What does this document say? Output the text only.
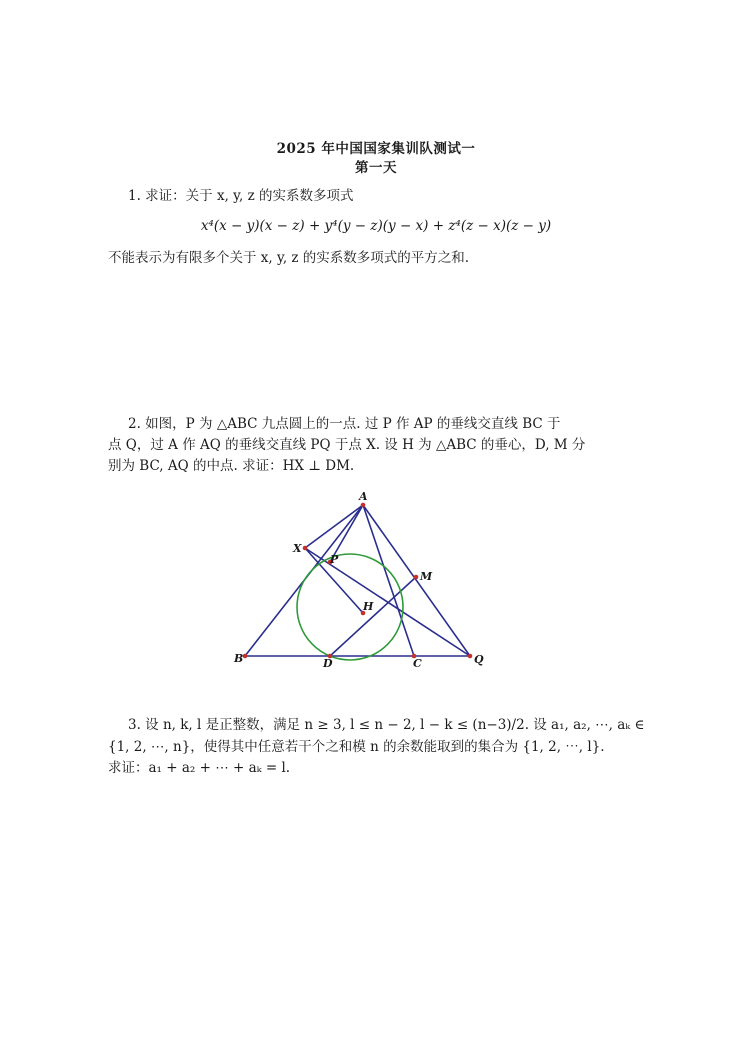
2025 年中国国家集训队测试一
第一天
1. 求证：关于 x, y, z 的实系数多项式
x⁴(x − y)(x − z) + y⁴(y − z)(y − x) + z⁴(z − x)(z − y)
不能表示为有限多个关于 x, y, z 的实系数多项式的平方之和.
2. 如图，P 为 △ABC 九点圆上的一点. 过 P 作 AP 的垂线交直线 BC 于
点 Q，过 A 作 AQ 的垂线交直线 PQ 于点 X. 设 H 为 △ABC 的垂心，D, M 分
别为 BC, AQ 的中点. 求证：HX ⊥ DM.
A
X
P
M
H
B	D	C	Q
3. 设 n, k, l 是正整数，满足 n ≥ 3, l ≤ n − 2, l − k ≤ (n−3)/2. 设 a₁, a₂, ⋯, aₖ ∈
{1, 2, ⋯, n}，使得其中任意若干个之和模 n 的余数能取到的集合为 {1, 2, ⋯, l}.
求证：a₁ + a₂ + ⋯ + aₖ = l.
